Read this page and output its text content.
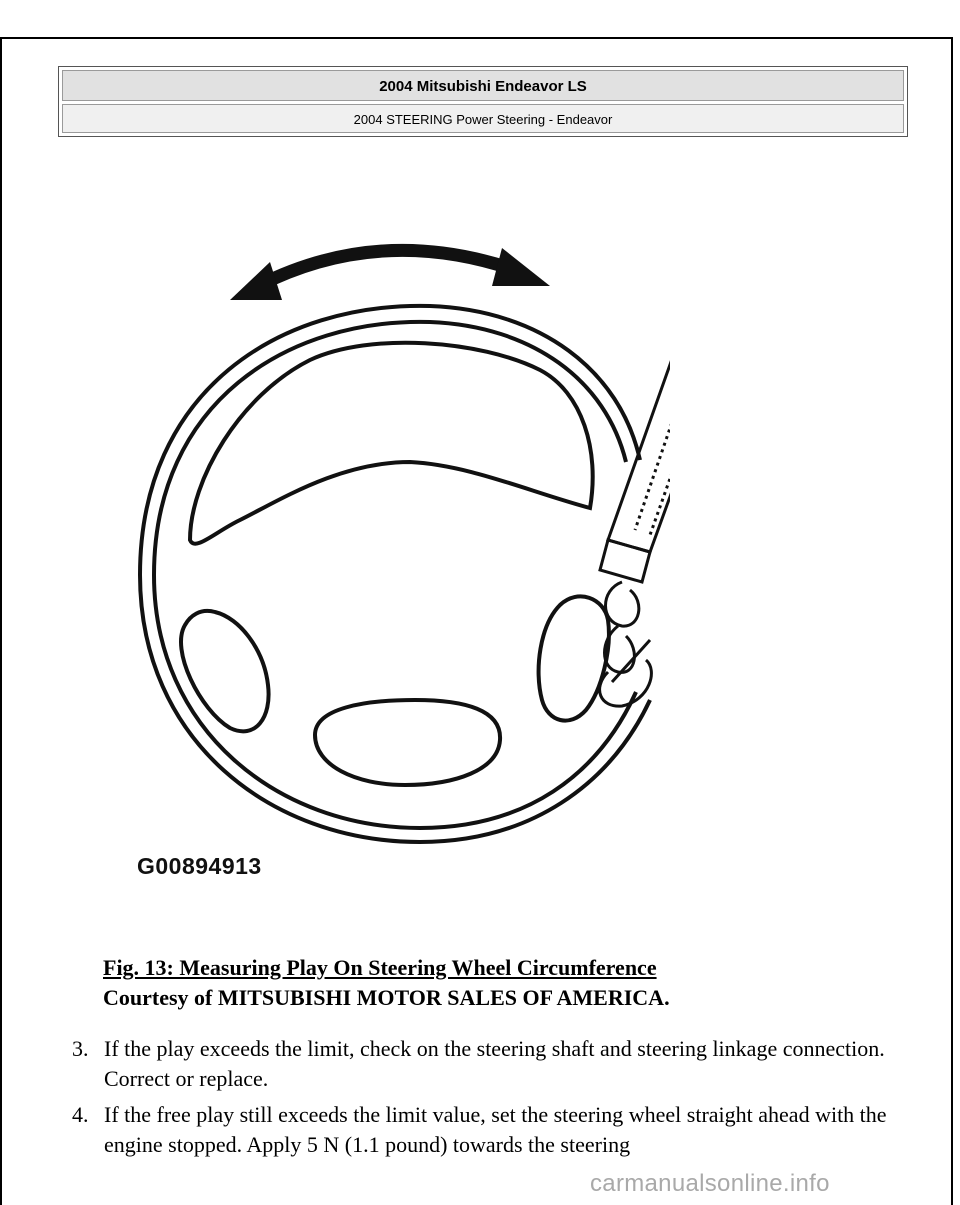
2004 Mitsubishi Endeavor LS
2004 STEERING Power Steering - Endeavor
G00894913
Fig. 13: Measuring Play On Steering Wheel Circumference
Courtesy of MITSUBISHI MOTOR SALES OF AMERICA.
3. If the play exceeds the limit, check on the steering shaft and steering linkage connection. Correct or replace.
4. If the free play still exceeds the limit value, set the steering wheel straight ahead with the engine stopped. Apply 5 N (1.1 pound) towards the steering
carmanualsonline.info
